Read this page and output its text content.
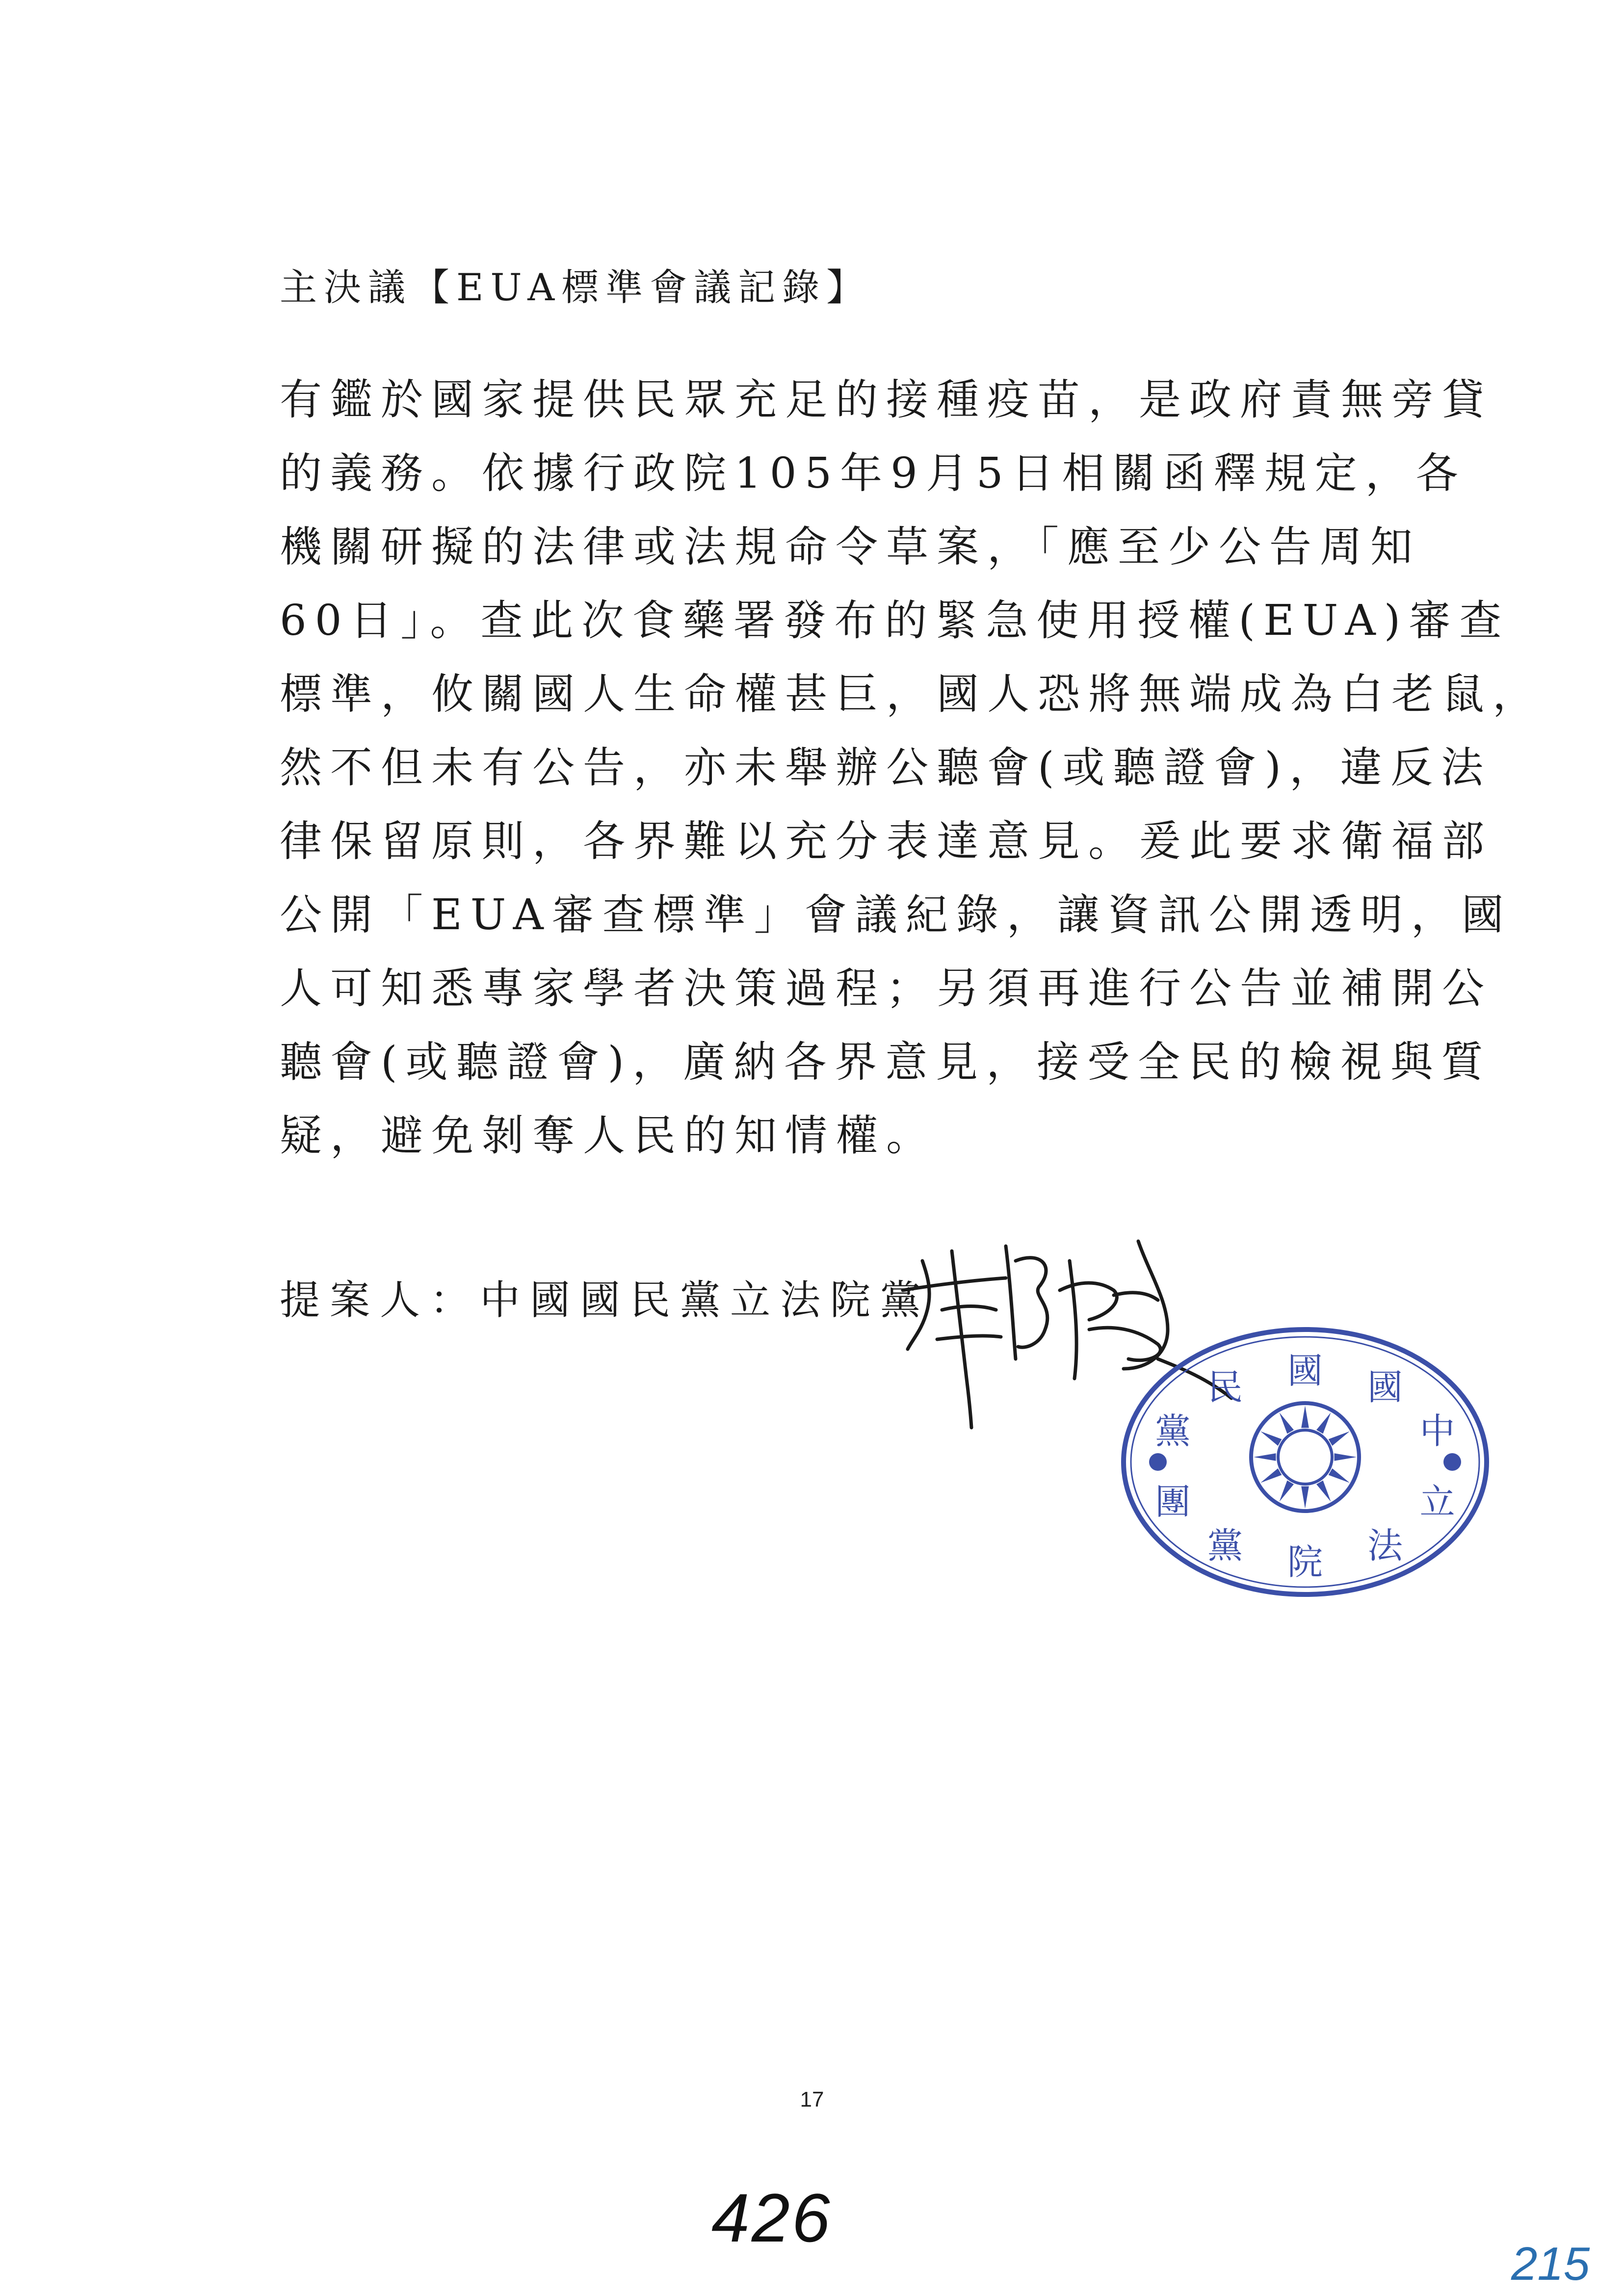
主決議【EUA標準會議記錄】
有鑑於國家提供民眾充足的接種疫苗，是政府責無旁貸
的義務。依據行政院105年9月5日相關函釋規定，各
機關研擬的法律或法規命令草案，「應至少公告周知
60日」。查此次食藥署發布的緊急使用授權(EUA)審查
標準，攸關國人生命權甚巨，國人恐將無端成為白老鼠，
然不但未有公告，亦未舉辦公聽會(或聽證會)，違反法
律保留原則，各界難以充分表達意見。爰此要求衛福部
公開「EUA審查標準」會議紀錄，讓資訊公開透明，國
人可知悉專家學者決策過程；另須再進行公告並補開公
聽會(或聽證會)，廣納各界意見，接受全民的檢視與質
疑，避免剝奪人民的知情權。
提案人：中國國民黨立法院黨
中
國
國
民
黨
立
法
院
黨
團
17
426
215
